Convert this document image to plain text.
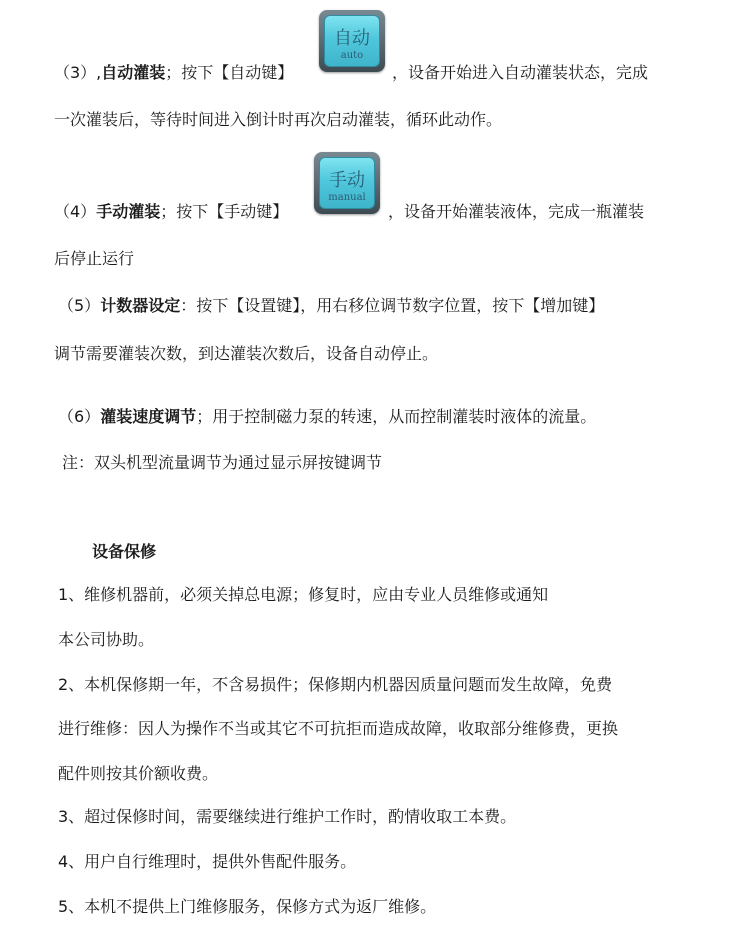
（3）,自动灌装；按下【自动键】
自动
auto
，设备开始进入自动灌装状态，完成
一次灌装后，等待时间进入倒计时再次启动灌装，循环此动作。
（4）手动灌装；按下【手动键】
手动
manual
，设备开始灌装液体，完成一瓶灌装
后停止运行
（5）计数器设定：按下【设置键】，用右移位调节数字位置，按下【增加键】
调节需要灌装次数，到达灌装次数后，设备自动停止。
（6）灌装速度调节；用于控制磁力泵的转速，从而控制灌装时液体的流量。
注：双头机型流量调节为通过显示屏按键调节
设备保修
1、维修机器前，必须关掉总电源；修复时，应由专业人员维修或通知
本公司协助。
2、本机保修期一年，不含易损件；保修期内机器因质量问题而发生故障，免费
进行维修：因人为操作不当或其它不可抗拒而造成故障，收取部分维修费，更换
配件则按其价额收费。
3、超过保修时间，需要继续进行维护工作时，酌情收取工本费。
4、用户自行维理时，提供外售配件服务。
5、本机不提供上门维修服务，保修方式为返厂维修。
